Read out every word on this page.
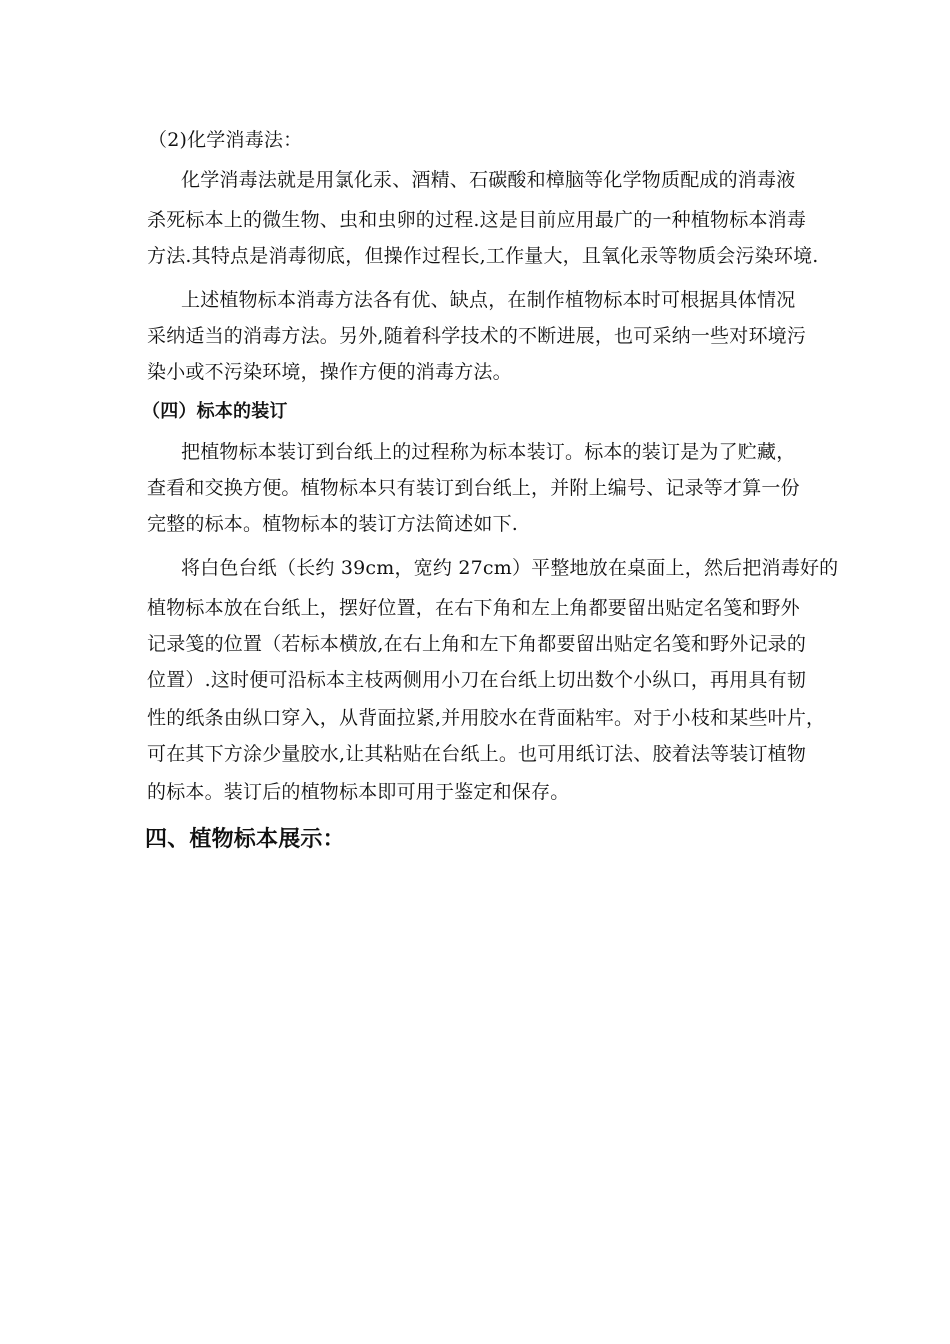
（2)化学消毒法：
化学消毒法就是用氯化汞、酒精、石碳酸和樟脑等化学物质配成的消毒液
杀死标本上的微生物、虫和虫卵的过程.这是目前应用最广的一种植物标本消毒
方法.其特点是消毒彻底，但操作过程长,工作量大，且氧化汞等物质会污染环境.
上述植物标本消毒方法各有优、缺点，在制作植物标本时可根据具体情况
采纳适当的消毒方法。另外,随着科学技术的不断进展，也可采纳一些对环境污
染小或不污染环境，操作方便的消毒方法。
（四）标本的装订
把植物标本装订到台纸上的过程称为标本装订。标本的装订是为了贮藏，
查看和交换方便。植物标本只有装订到台纸上，并附上编号、记录等才算一份
完整的标本。植物标本的装订方法简述如下.
将白色台纸（长约 39cm，宽约 27cm）平整地放在桌面上，然后把消毒好的
植物标本放在台纸上，摆好位置，在右下角和左上角都要留出贴定名笺和野外
记录笺的位置（若标本横放,在右上角和左下角都要留出贴定名笺和野外记录的
位置）.这时便可沿标本主枝两侧用小刀在台纸上切出数个小纵口，再用具有韧
性的纸条由纵口穿入，从背面拉紧,并用胶水在背面粘牢。对于小枝和某些叶片，
可在其下方涂少量胶水,让其粘贴在台纸上。也可用纸订法、胶着法等装订植物
的标本。装订后的植物标本即可用于鉴定和保存。
四、植物标本展示：
